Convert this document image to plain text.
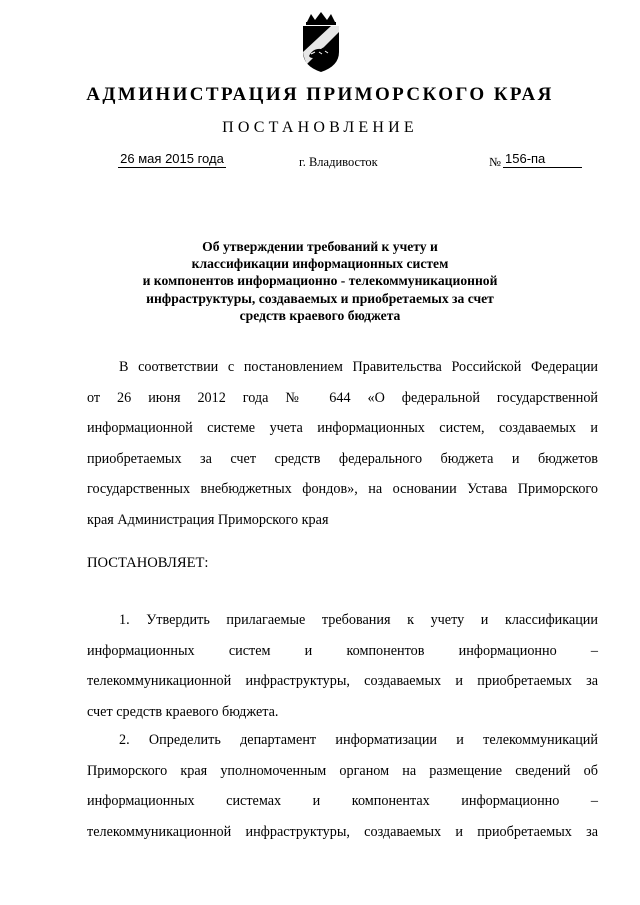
АДМИНИСТРАЦИЯ ПРИМОРСКОГО КРАЯ
ПОСТАНОВЛЕНИЕ
26 мая 2015 года	г. Владивосток	№ 156-па
Об утверждении требований к учету и
классификации информационных систем
и компонентов информационно - телекоммуникационной
инфраструктуры, создаваемых и приобретаемых за счет
средств краевого бюджета
В соответствии с постановлением Правительства Российской Федерации
от 26 июня 2012 года № 644 «О федеральной государственной
информационной системе учета информационных систем, создаваемых и
приобретаемых за счет средств федерального бюджета и бюджетов
государственных внебюджетных фондов», на основании Устава Приморского
края Администрация Приморского края
ПОСТАНОВЛЯЕТ:
1. Утвердить прилагаемые требования к учету и классификации
информационных систем и компонентов информационно –
телекоммуникационной инфраструктуры, создаваемых и приобретаемых за
счет средств краевого бюджета.
2. Определить департамент информатизации и телекоммуникаций
Приморского края уполномоченным органом на размещение сведений об
информационных системах и компонентах информационно –
телекоммуникационной инфраструктуры, создаваемых и приобретаемых за
